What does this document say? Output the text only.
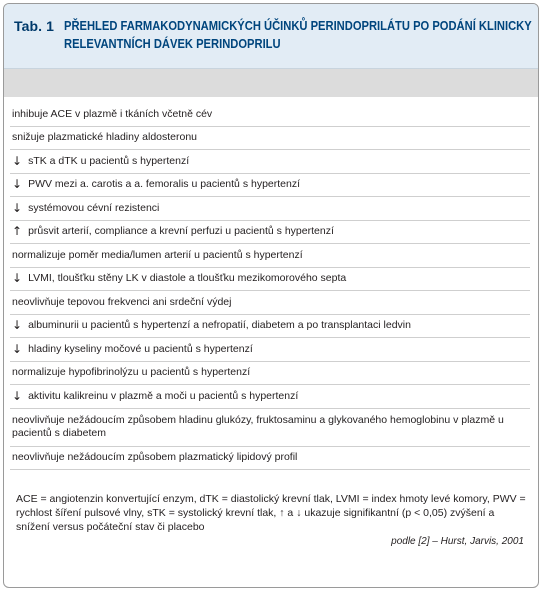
Tab. 1 PŘEHLED FARMAKODYNAMICKÝCH ÚČINKŮ PERINDOPRILÁTU PO PODÁNÍ KLINICKY RELEVANTNÍCH DÁVEK PERINDOPRILU
inhibuje ACE v plazmě i tkáních včetně cév
snižuje plazmatické hladiny aldosteronu
↓ sTK a dTK u pacientů s hypertenzí
↓ PWV mezi a. carotis a a. femoralis u pacientů s hypertenzí
↓ systémovou cévní rezistenci
↑ průsvit arterií, compliance a krevní perfuzi u pacientů s hypertenzí
normalizuje poměr media/lumen arterií u pacientů s hypertenzí
↓ LVMI, tloušťku stěny LK v diastole a tloušťku mezikomorového septa
neovlivňuje tepovou frekvenci ani srdeční výdej
↓ albuminurii u pacientů s hypertenzí a nefropatií, diabetem a po transplantaci ledvin
↓ hladiny kyseliny močové u pacientů s hypertenzí
normalizuje hypofibrinolýzu u pacientů s hypertenzí
↓ aktivitu kalikreinu v plazmě a moči u pacientů s hypertenzí
neovlivňuje nežádoucím způsobem hladinu glukózy, fruktosaminu a glykovaného hemoglobinu v plazmě u pacientů s diabetem
neovlivňuje nežádoucím způsobem plazmatický lipidový profil
ACE = angiotenzin konvertující enzym, dTK = diastolický krevní tlak, LVMI = index hmoty levé komory, PWV = rychlost šíření pulsové vlny, sTK = systolický krevní tlak, ↑ a ↓ ukazuje signifikantní (p < 0,05) zvýšení a snížení versus počáteční stav či placebo
podle [2] – Hurst, Jarvis, 2001
